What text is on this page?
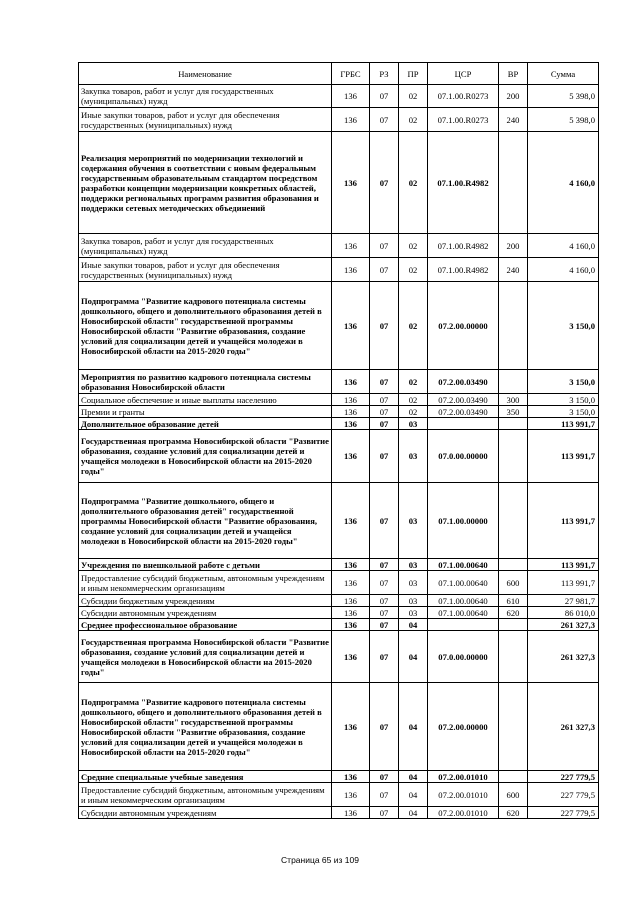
Наименование	ГРБС	РЗ	ПР	ЦСР	ВР	Сумма
Закупка товаров, работ и услуг для государственных (муниципальных) нужд	136	07	02	07.1.00.R0273	200	5 398,0
Иные закупки товаров, работ и услуг для обеспечения государственных (муниципальных) нужд	136	07	02	07.1.00.R0273	240	5 398,0
Реализация мероприятий по модернизации технологий и содержания обучения в соответствии с новым федеральным государственным образовательным стандартом посредством разработки концепции модернизации конкретных областей, поддержки региональных программ развития образования и поддержки сетевых методических объединений	136	07	02	07.1.00.R4982		4 160,0
Закупка товаров, работ и услуг для государственных (муниципальных) нужд	136	07	02	07.1.00.R4982	200	4 160,0
Иные закупки товаров, работ и услуг для обеспечения государственных (муниципальных) нужд	136	07	02	07.1.00.R4982	240	4 160,0
Подпрограмма "Развитие кадрового потенциала системы дошкольного, общего и дополнительного образования детей в Новосибирской области" государственной программы Новосибирской области "Развитие образования, создание условий для социализации детей и учащейся молодежи в Новосибирской области на 2015-2020 годы"	136	07	02	07.2.00.00000		3 150,0
Мероприятия по развитию кадрового потенциала системы образования Новосибирской области	136	07	02	07.2.00.03490		3 150,0
Социальное обеспечение и иные выплаты населению	136	07	02	07.2.00.03490	300	3 150,0
Премии и гранты	136	07	02	07.2.00.03490	350	3 150,0
Дополнительное образование детей	136	07	03			113 991,7
Государственная программа Новосибирской области "Развитие образования, создание условий для социализации детей и учащейся молодежи в Новосибирской области на 2015-2020 годы"	136	07	03	07.0.00.00000		113 991,7
Подпрограмма "Развитие дошкольного, общего и дополнительного образования детей" государственной программы Новосибирской области "Развитие образования, создание условий для социализации детей и учащейся молодежи в Новосибирской области на 2015-2020 годы"	136	07	03	07.1.00.00000		113 991,7
Учреждения по внешкольной работе с детьми	136	07	03	07.1.00.00640		113 991,7
Предоставление субсидий бюджетным, автономным учреждениям и иным некоммерческим организациям	136	07	03	07.1.00.00640	600	113 991,7
Субсидии бюджетным учреждениям	136	07	03	07.1.00.00640	610	27 981,7
Субсидии автономным учреждениям	136	07	03	07.1.00.00640	620	86 010,0
Среднее профессиональное образование	136	07	04			261 327,3
Государственная программа Новосибирской области "Развитие образования, создание условий для социализации детей и учащейся молодежи в Новосибирской области на 2015-2020 годы"	136	07	04	07.0.00.00000		261 327,3
Подпрограмма "Развитие кадрового потенциала системы дошкольного, общего и дополнительного образования детей в Новосибирской области" государственной программы Новосибирской области "Развитие образования, создание условий для социализации детей и учащейся молодежи в Новосибирской области на 2015-2020 годы"	136	07	04	07.2.00.00000		261 327,3
Средние специальные учебные заведения	136	07	04	07.2.00.01010		227 779,5
Предоставление субсидий бюджетным, автономным учреждениям и иным некоммерческим организациям	136	07	04	07.2.00.01010	600	227 779,5
Субсидии автономным учреждениям	136	07	04	07.2.00.01010	620	227 779,5
Страница 65 из 109
